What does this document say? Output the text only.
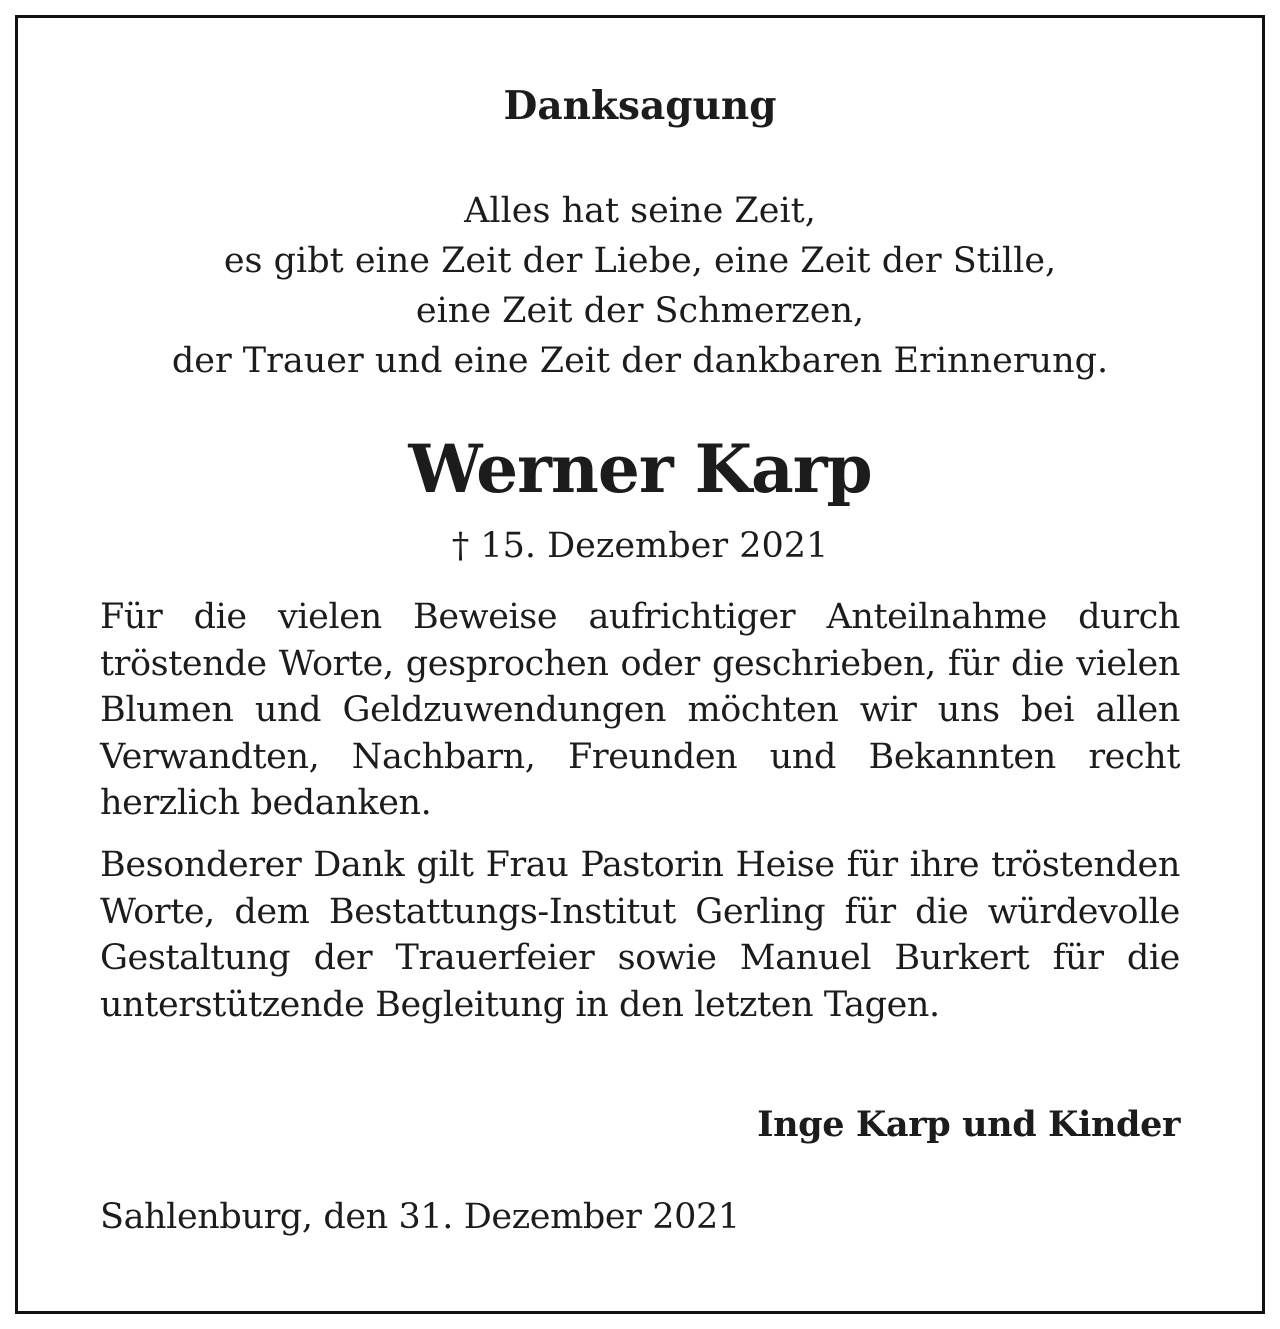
Danksagung
Alles hat seine Zeit,
es gibt eine Zeit der Liebe, eine Zeit der Stille,
eine Zeit der Schmerzen,
der Trauer und eine Zeit der dankbaren Erinnerung.
Werner Karp
† 15. Dezember 2021

Für die vielen Beweise aufrichtiger Anteilnahme durch tröstende Worte, gesprochen oder geschrieben, für die vielen Blumen und Geldzuwendungen möchten wir uns bei allen Verwandten, Nachbarn, Freunden und Bekannten recht herzlich bedanken.

Besonderer Dank gilt Frau Pastorin Heise für ihre tröstenden Worte, dem Bestattungs-Institut Gerling für die würdevolle Gestaltung der Trauerfeier sowie Manuel Burkert für die unterstützende Begleitung in den letzten Tagen.

Inge Karp und Kinder
Sahlenburg, den 31. Dezember 2021
